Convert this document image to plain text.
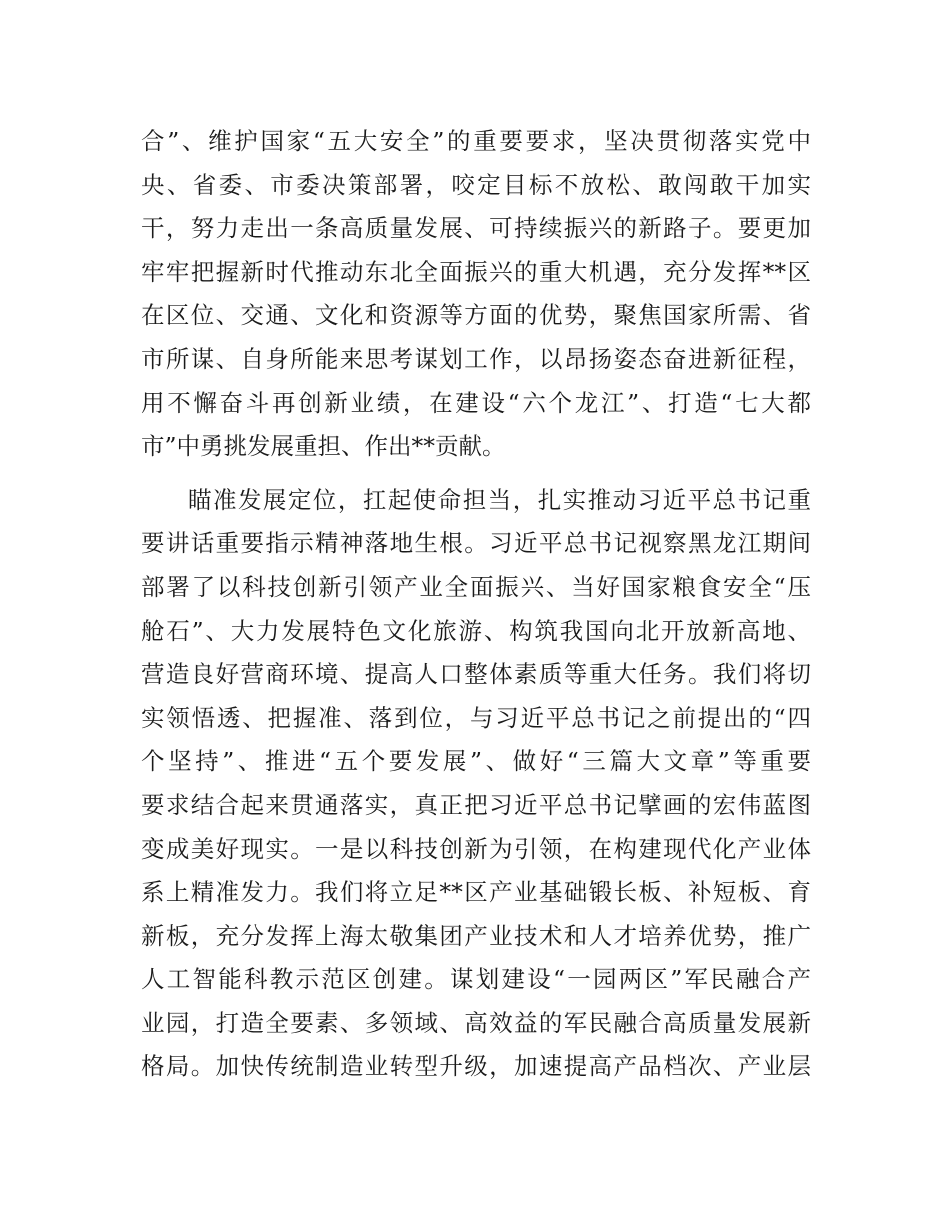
合”、维护国家“五大安全”的重要要求，坚决贯彻落实党中
央、省委、市委决策部署，咬定目标不放松、敢闯敢干加实
干，努力走出一条高质量发展、可持续振兴的新路子。要更加
牢牢把握新时代推动东北全面振兴的重大机遇，充分发挥**区
在区位、交通、文化和资源等方面的优势，聚焦国家所需、省
市所谋、自身所能来思考谋划工作，以昂扬姿态奋进新征程，
用不懈奋斗再创新业绩，在建设“六个龙江”、打造“七大都
市”中勇挑发展重担、作出**贡献。
瞄准发展定位，扛起使命担当，扎实推动习近平总书记重
要讲话重要指示精神落地生根。习近平总书记视察黑龙江期间
部署了以科技创新引领产业全面振兴、当好国家粮食安全“压
舱石”、大力发展特色文化旅游、构筑我国向北开放新高地、
营造良好营商环境、提高人口整体素质等重大任务。我们将切
实领悟透、把握准、落到位，与习近平总书记之前提出的“四
个坚持”、推进“五个要发展”、做好“三篇大文章”等重要
要求结合起来贯通落实，真正把习近平总书记擘画的宏伟蓝图
变成美好现实。一是以科技创新为引领，在构建现代化产业体
系上精准发力。我们将立足**区产业基础锻长板、补短板、育
新板，充分发挥上海太敬集团产业技术和人才培养优势，推广
人工智能科教示范区创建。谋划建设“一园两区”军民融合产
业园，打造全要素、多领域、高效益的军民融合高质量发展新
格局。加快传统制造业转型升级，加速提高产品档次、产业层
